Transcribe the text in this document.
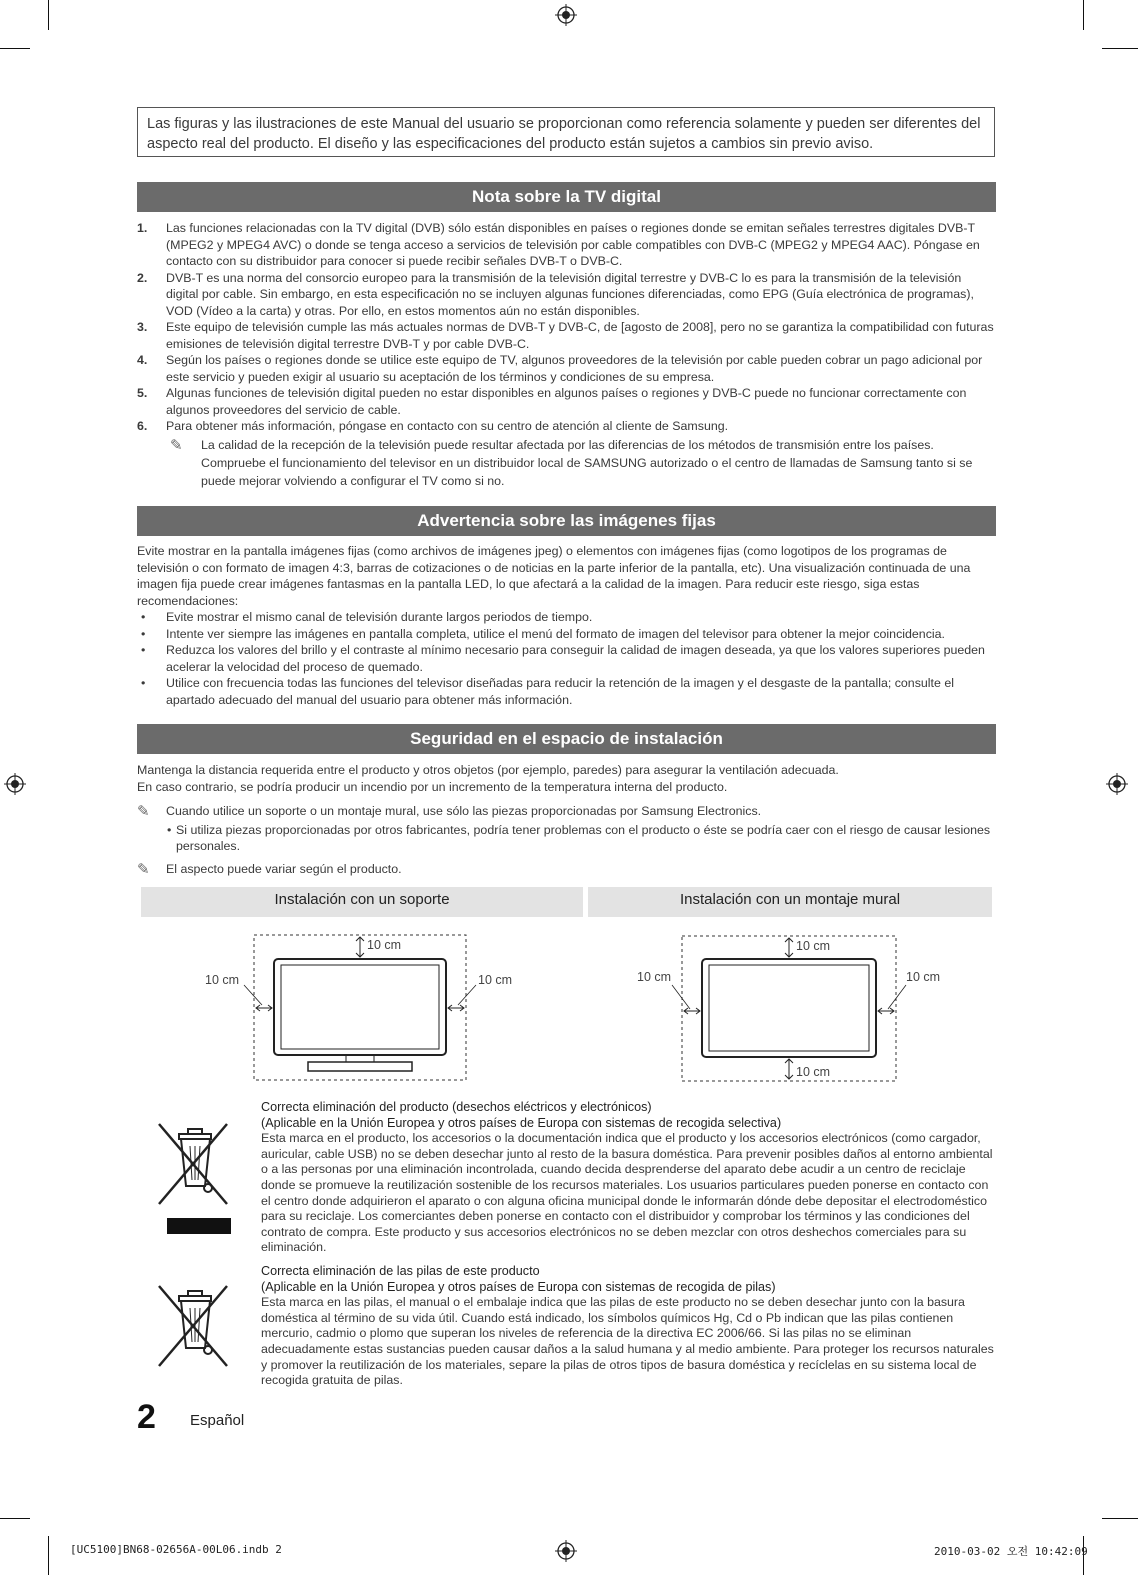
Las figuras y las ilustraciones de este Manual del usuario se proporcionan como referencia solamente y pueden ser diferentes del aspecto real del producto. El diseño y las especificaciones del producto están sujetos a cambios sin previo aviso.
Nota sobre la TV digital
1. Las funciones relacionadas con la TV digital (DVB) sólo están disponibles en países o regiones donde se emitan señales terrestres digitales DVB-T (MPEG2 y MPEG4 AVC) o donde se tenga acceso a servicios de televisión por cable compatibles con DVB-C (MPEG2 y MPEG4 AAC). Póngase en contacto con su distribuidor para conocer si puede recibir señales DVB-T o DVB-C.
2. DVB-T es una norma del consorcio europeo para la transmisión de la televisión digital terrestre y DVB-C lo es para la transmisión de la televisión digital por cable. Sin embargo, en esta especificación no se incluyen algunas funciones diferenciadas, como EPG (Guía electrónica de programas), VOD (Vídeo a la carta) y otras. Por ello, en estos momentos aún no están disponibles.
3. Este equipo de televisión cumple las más actuales normas de DVB-T y DVB-C, de [agosto de 2008], pero no se garantiza la compatibilidad con futuras emisiones de televisión digital terrestre DVB-T y por cable DVB-C.
4. Según los países o regiones donde se utilice este equipo de TV, algunos proveedores de la televisión por cable pueden cobrar un pago adicional por este servicio y pueden exigir al usuario su aceptación de los términos y condiciones de su empresa.
5. Algunas funciones de televisión digital pueden no estar disponibles en algunos países o regiones y DVB-C puede no funcionar correctamente con algunos proveedores del servicio de cable.
6. Para obtener más información, póngase en contacto con su centro de atención al cliente de Samsung.
✎ La calidad de la recepción de la televisión puede resultar afectada por las diferencias de los métodos de transmisión entre los países. Compruebe el funcionamiento del televisor en un distribuidor local de SAMSUNG autorizado o el centro de llamadas de Samsung tanto si se puede mejorar volviendo a configurar el TV como si no.
Advertencia sobre las imágenes fijas
Evite mostrar en la pantalla imágenes fijas (como archivos de imágenes jpeg) o elementos con imágenes fijas (como logotipos de los programas de televisión o con formato de imagen 4:3, barras de cotizaciones o de noticias en la parte inferior de la pantalla, etc). Una visualización continuada de una imagen fija puede crear imágenes fantasmas en la pantalla LED, lo que afectará a la calidad de la imagen. Para reducir este riesgo, siga estas recomendaciones:
• Evite mostrar el mismo canal de televisión durante largos periodos de tiempo.
• Intente ver siempre las imágenes en pantalla completa, utilice el menú del formato de imagen del televisor para obtener la mejor coincidencia.
• Reduzca los valores del brillo y el contraste al mínimo necesario para conseguir la calidad de imagen deseada, ya que los valores superiores pueden acelerar la velocidad del proceso de quemado.
• Utilice con frecuencia todas las funciones del televisor diseñadas para reducir la retención de la imagen y el desgaste de la pantalla; consulte el apartado adecuado del manual del usuario para obtener más información.
Seguridad en el espacio de instalación
Mantenga la distancia requerida entre el producto y otros objetos (por ejemplo, paredes) para asegurar la ventilación adecuada.
En caso contrario, se podría producir un incendio por un incremento de la temperatura interna del producto.
✎ Cuando utilice un soporte o un montaje mural, use sólo las piezas proporcionadas por Samsung Electronics.
• Si utiliza piezas proporcionadas por otros fabricantes, podría tener problemas con el producto o éste se podría caer con el riesgo de causar lesiones personales.
✎ El aspecto puede variar según el producto.
Instalación con un soporte	Instalación con un montaje mural
10 cm
10 cm	10 cm
10 cm
10 cm	10 cm
10 cm
Correcta eliminación del producto (desechos eléctricos y electrónicos)
(Aplicable en la Unión Europea y otros países de Europa con sistemas de recogida selectiva)
Esta marca en el producto, los accesorios o la documentación indica que el producto y los accesorios electrónicos (como cargador, auricular, cable USB) no se deben desechar junto al resto de la basura doméstica. Para prevenir posibles daños al entorno ambiental o a las personas por una eliminación incontrolada, cuando decida desprenderse del aparato debe acudir a un centro de reciclaje donde se promueve la reutilización sostenible de los recursos materiales. Los usuarios particulares pueden ponerse en contacto con el centro donde adquirieron el aparato o con alguna oficina municipal donde le informarán dónde debe depositar el electrodoméstico para su reciclaje. Los comerciantes deben ponerse en contacto con el distribuidor y comprobar los términos y las condiciones del contrato de compra. Este producto y sus accesorios electrónicos no se deben mezclar con otros deshechos comerciales para su eliminación.
Correcta eliminación de las pilas de este producto
(Aplicable en la Unión Europea y otros países de Europa con sistemas de recogida de pilas)
Esta marca en las pilas, el manual o el embalaje indica que las pilas de este producto no se deben desechar junto con la basura doméstica al término de su vida útil. Cuando está indicado, los símbolos químicos Hg, Cd o Pb indican que las pilas contienen mercurio, cadmio o plomo que superan los niveles de referencia de la directiva EC 2006/66. Si las pilas no se eliminan adecuadamente estas sustancias pueden causar daños a la salud humana y al medio ambiente. Para proteger los recursos naturales y promover la reutilización de los materiales, separe la pilas de otros tipos de basura doméstica y recíclelas en su sistema local de recogida gratuita de pilas.
2 Español
[UC5100]BN68-02656A-00L06.indb 2	2010-03-02 오전 10:42:09
